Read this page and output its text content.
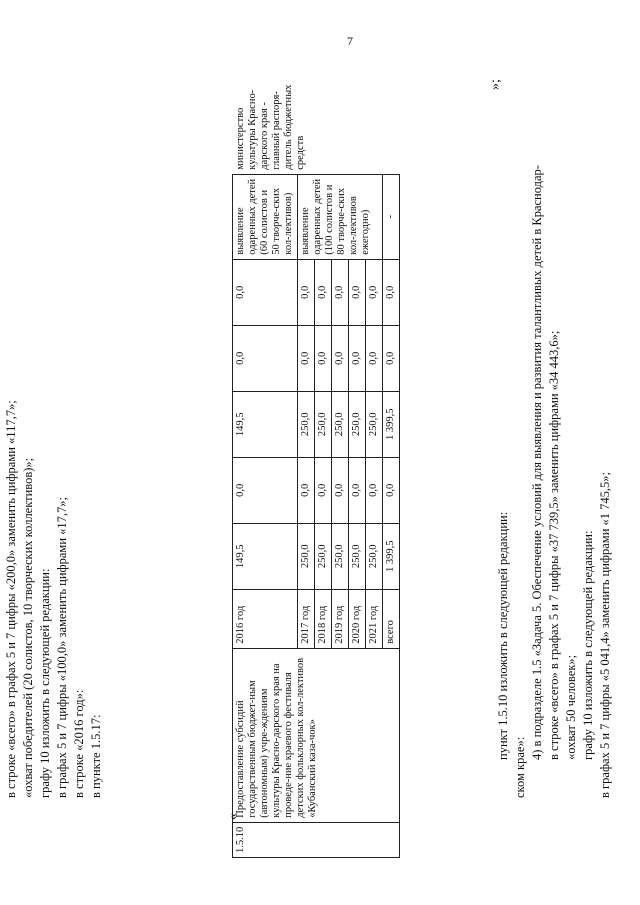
7
в графах 5 и 7 цифры «5 041,4» заменить цифрами «1 745,5»;
графу 10 изложить в следующей редакции:
«охват 50 человек»;
в строке «всего» в графах 5 и 7 цифры «37 739,5» заменить цифрами «34 443,6»;
4) в подразделе 1.5 «Задача 5. Обеспечение условий для выявления и развития талантливых детей в Краснодар-
ском крае»:
пункт 1.5.10 изложить в следующей редакции:
«
1.5.10	Предоставление субсидий государственным бюджет-ным (автономным) учре-ждениям культуры Красно-дарского края на проведе-ние краевого фестиваля детских фольклорных кол-лективов «Кубанский каза-чок»	2016 год	149,5	0,0	149,5	0,0	0,0	выявление одаренных детей (60 солистов и 50 творче-ских кол-лективов)	министерство культуры Красно-дарского края - главный распоря-дитель бюджетных средств
		2017 год	250,0	0,0	250,0	0,0	0,0	выявление одаренных детей (100 солистов и 80 творче-ских кол-лективов ежегодно)	
		2018 год	250,0	0,0	250,0	0,0	0,0		
		2019 год	250,0	0,0	250,0	0,0	0,0		
		2020 год	250,0	0,0	250,0	0,0	0,0		
		2021 год	250,0	0,0	250,0	0,0	0,0		
		всего	1 399,5	0,0	1 399,5	0,0	0,0	-	
»;
в пункте 1.5.17:
в строке «2016 год»:
в графах 5 и 7 цифры «100,0» заменить цифрами «17,7»;
графу 10 изложить в следующей редакции:
«охват победителей (20 солистов, 10 творческих коллективов)»;
в строке «всего» в графах 5 и 7 цифры «200,0» заменить цифрами «117,7»;
